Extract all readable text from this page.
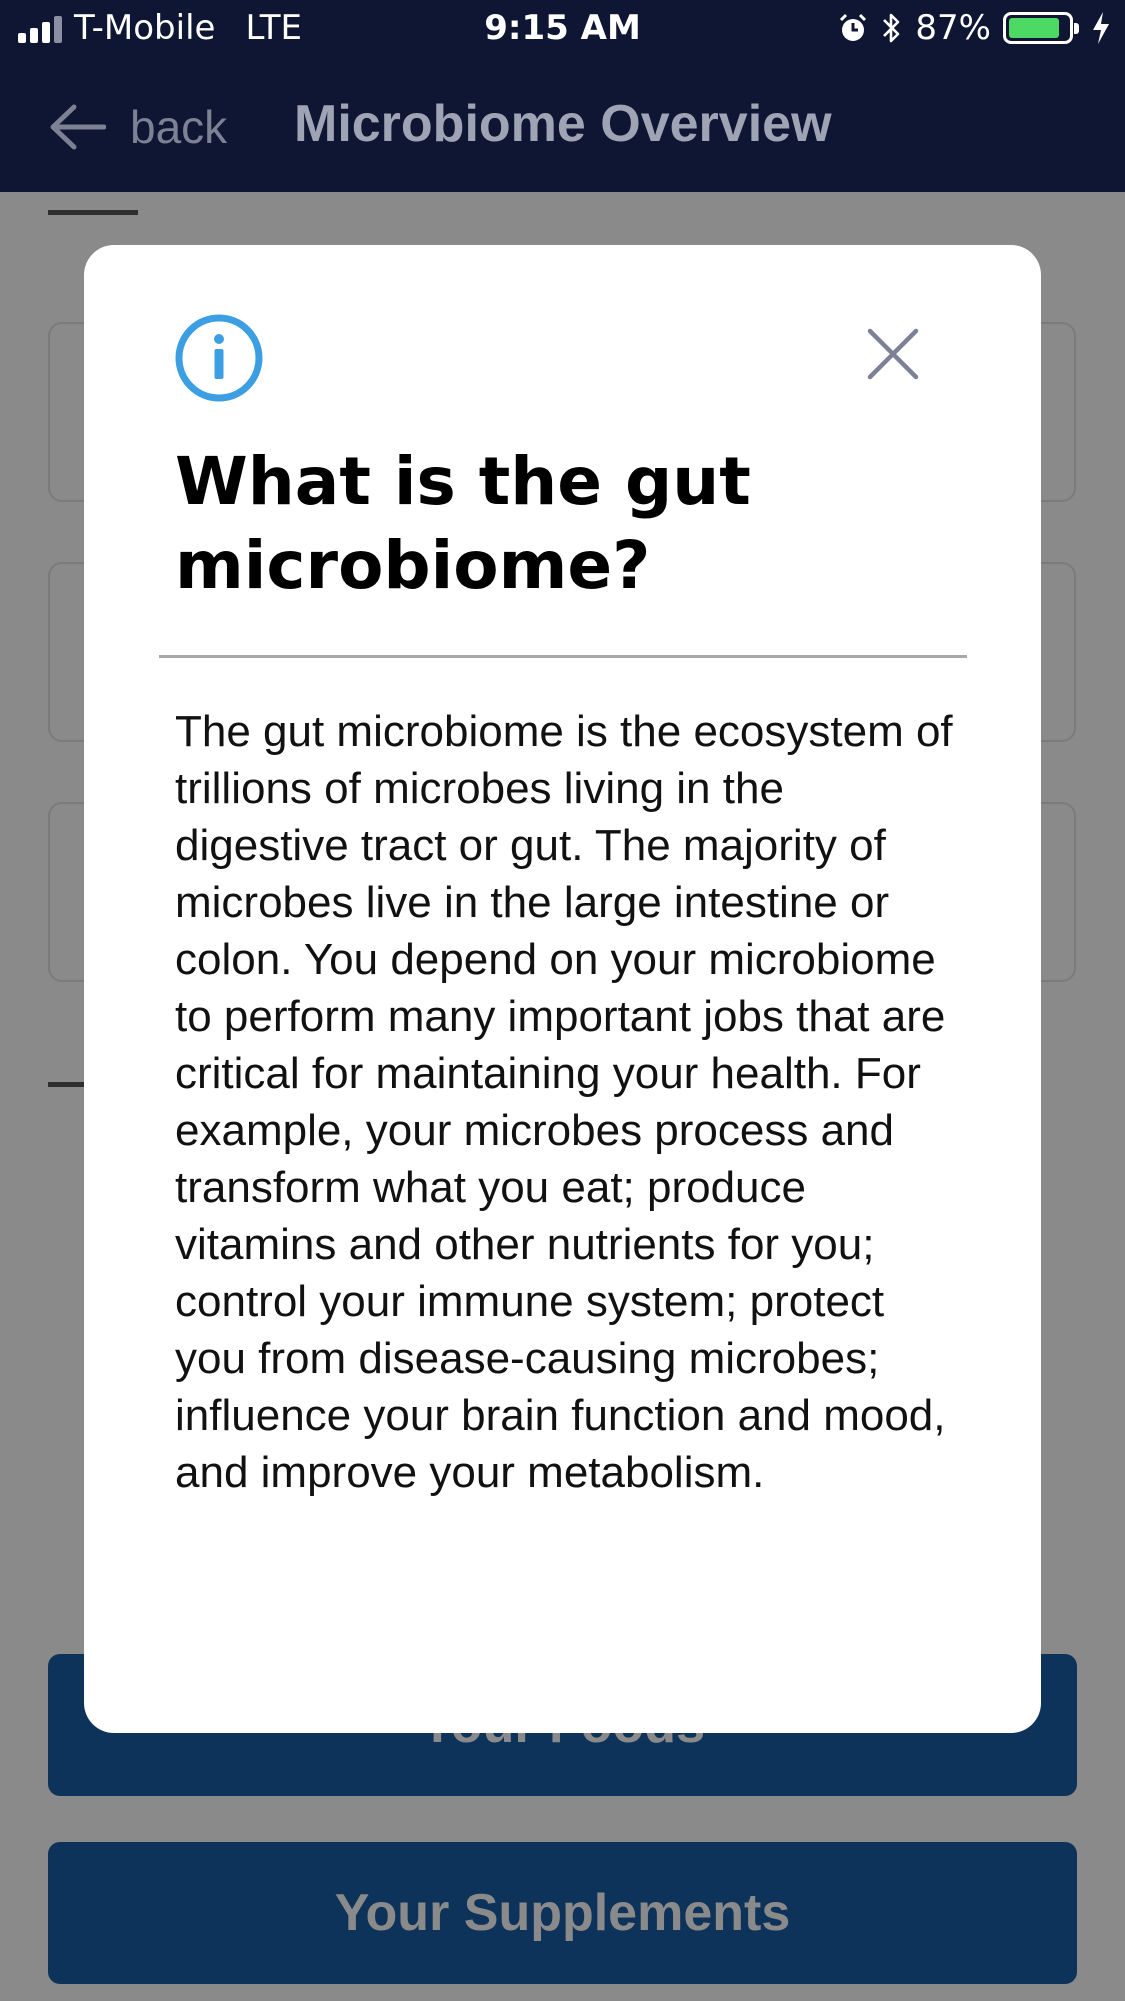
T-Mobile LTE	9:15 AM	87%
back Microbiome Overview
Your Supplements
What is the gut microbiome?
The gut microbiome is the ecosystem of trillions of microbes living in the digestive tract or gut. The majority of microbes live in the large intestine or colon. You depend on your microbiome to perform many important jobs that are critical for maintaining your health. For example, your microbes process and transform what you eat; produce vitamins and other nutrients for you; control your immune system; protect you from disease-causing microbes; influence your brain function and mood, and improve your metabolism.
